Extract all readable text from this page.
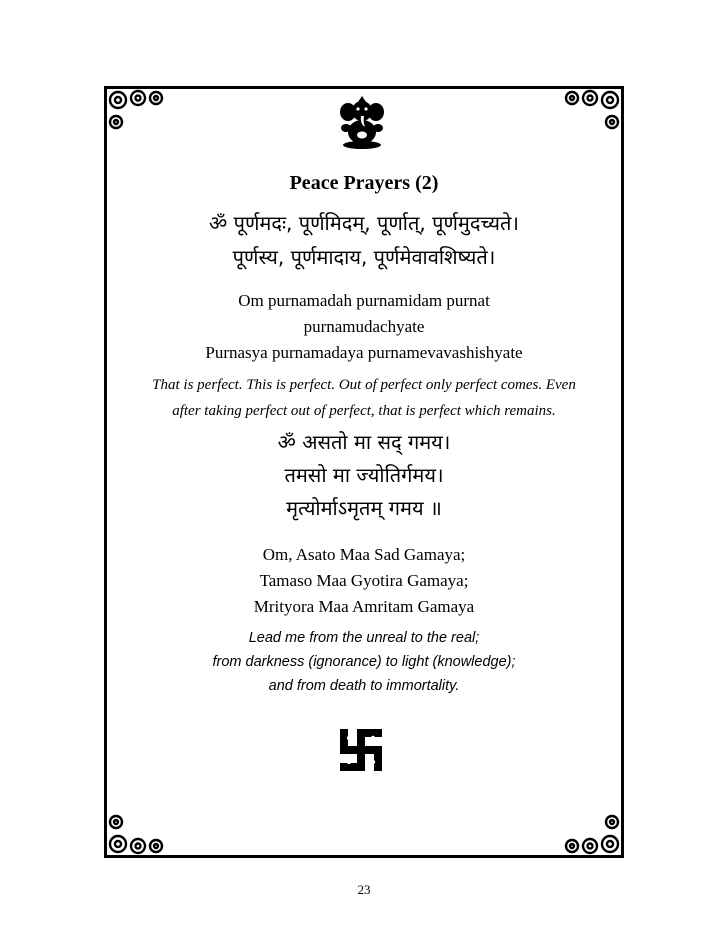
Peace Prayers (2)
ॐ पूर्णमदः, पूर्णमिदम्, पूर्णात्, पूर्णमुदच्यते।
पूर्णस्य, पूर्णमादाय, पूर्णमेवावशिष्यते।
Om purnamadah purnamidam purnat
purnamudachyate
Purnasya purnamadaya purnamevavashishyate
That is perfect. This is perfect. Out of perfect only perfect comes. Even
after taking perfect out of perfect, that is perfect which remains.
ॐ असतो मा सद् गमय।
तमसो मा ज्योतिर्गमय।
मृत्योर्माऽमृतम् गमय ॥
Om, Asato Maa Sad Gamaya;
Tamaso Maa Gyotira Gamaya;
Mrityora Maa Amritam Gamaya
Lead me from the unreal to the real;
from darkness (ignorance) to light (knowledge);
and from death to immortality.
23
